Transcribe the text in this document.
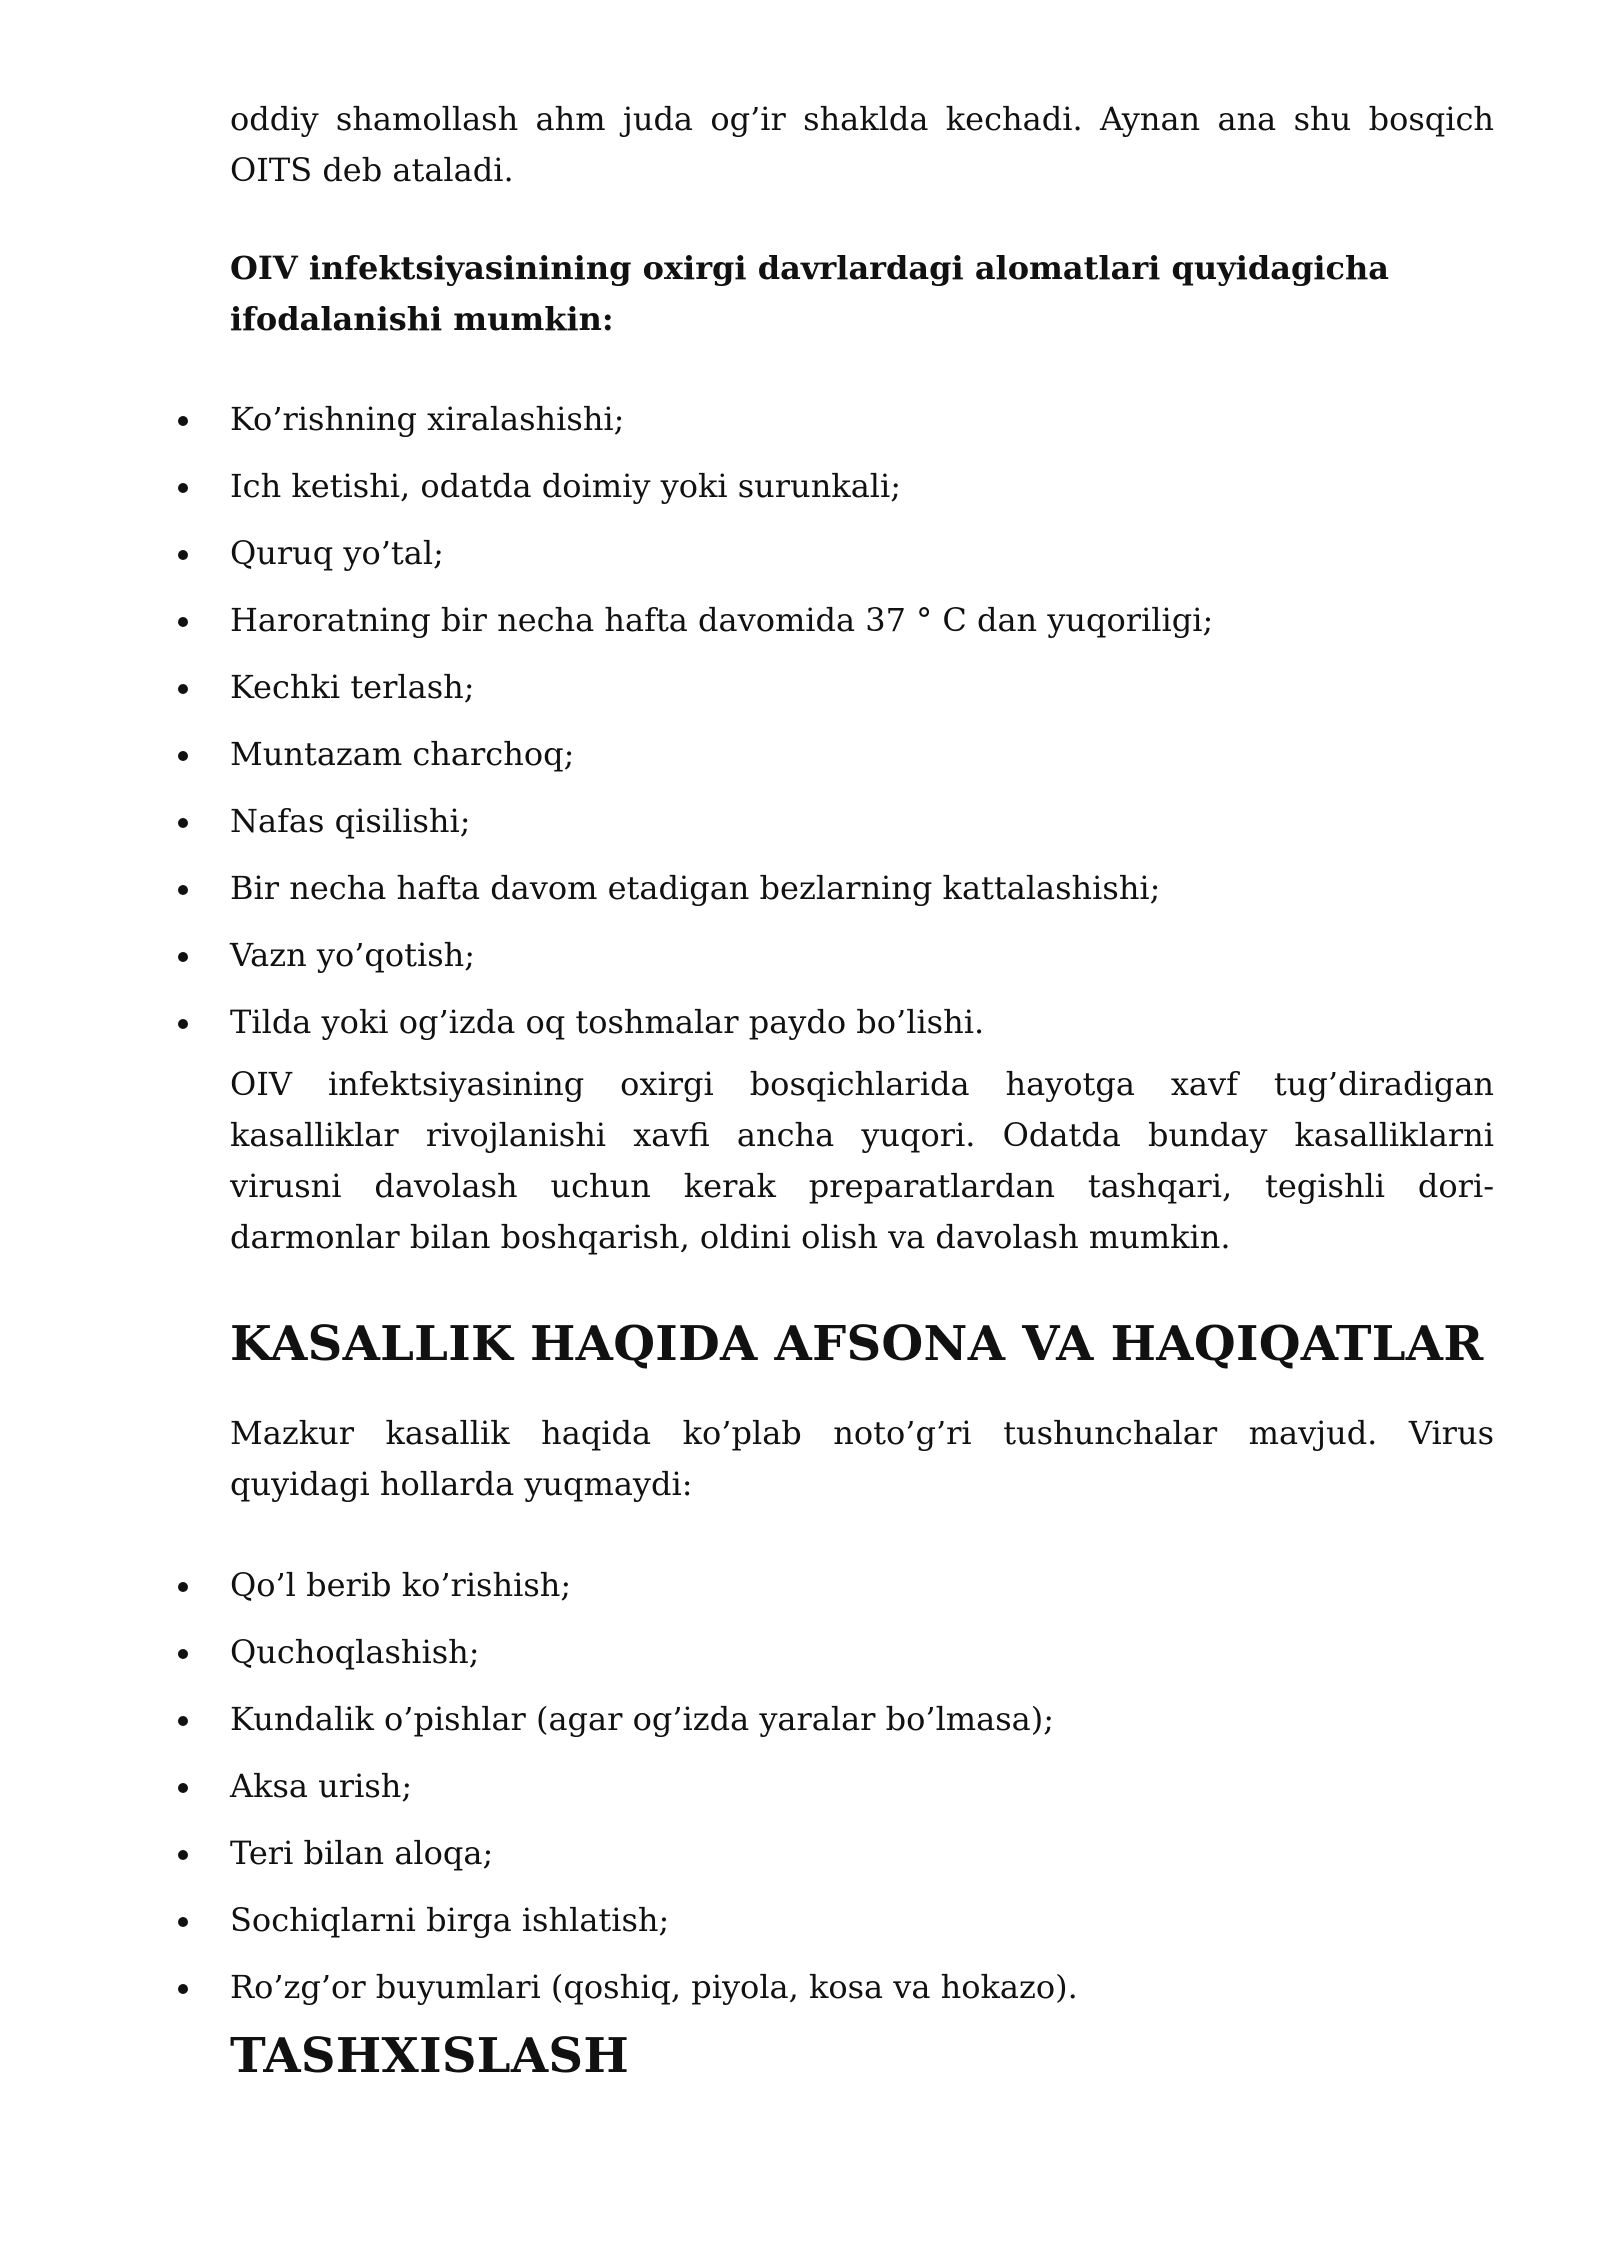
oddiy shamollash ahm juda og’ir shaklda kechadi. Aynan ana shu bosqich OITS deb ataladi.

OIV infektsiyasinining oxirgi davrlardagi alomatlari quyidagicha ifodalanishi mumkin:

Ko’rishning xiralashishi;
Ich ketishi, odatda doimiy yoki surunkali;
Quruq yo’tal;
Haroratning bir necha hafta davomida 37 ° C dan yuqoriligi;
Kechki terlash;
Muntazam charchoq;
Nafas qisilishi;
Bir necha hafta davom etadigan bezlarning kattalashishi;
Vazn yo’qotish;
Tilda yoki og’izda oq toshmalar paydo bo’lishi.

OIV infektsiyasining oxirgi bosqichlarida hayotga xavf tug’diradigan kasalliklar rivojlanishi xavfi ancha yuqori. Odatda bunday kasalliklarni virusni davolash uchun kerak preparatlardan tashqari, tegishli dori-darmonlar bilan boshqarish, oldini olish va davolash mumkin.

KASALLIK HAQIDA AFSONA VA HAQIQATLAR

Mazkur kasallik haqida ko’plab noto’g’ri tushunchalar mavjud. Virus quyidagi hollarda yuqmaydi:

Qo’l berib ko’rishish;
Quchoqlashish;
Kundalik o’pishlar (agar og’izda yaralar bo’lmasa);
Aksa urish;
Teri bilan aloqa;
Sochiqlarni birga ishlatish;
Ro’zg’or buyumlari (qoshiq, piyola, kosa va hokazo).
TASHXISLASH
